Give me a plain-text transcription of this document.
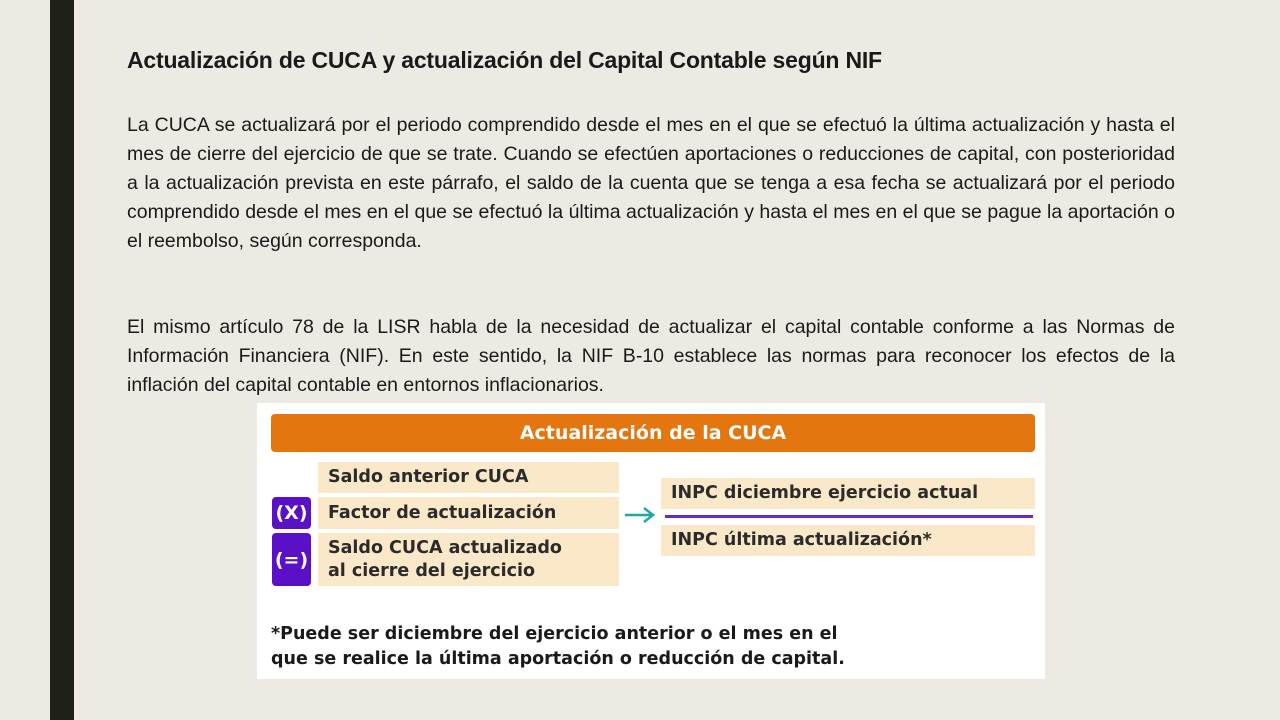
Actualización de CUCA y actualización del Capital Contable según NIF

La CUCA se actualizará por el periodo comprendido desde el mes en el que se efectuó la última actualización y hasta el mes de cierre del ejercicio de que se trate. Cuando se efectúen aportaciones o reducciones de capital, con posterioridad a la actualización prevista en este párrafo, el saldo de la cuenta que se tenga a esa fecha se actualizará por el periodo comprendido desde el mes en el que se efectuó la última actualización y hasta el mes en el que se pague la aportación o el reembolso, según corresponda.

El mismo artículo 78 de la LISR habla de la necesidad de actualizar el capital contable conforme a las Normas de Información Financiera (NIF). En este sentido, la NIF B-10 establece las normas para reconocer los efectos de la inflación del capital contable en entornos inflacionarios.

Actualización de la CUCA
Saldo anterior CUCA
(X)	Factor de actualización
(=)
Saldo CUCA actualizado
al cierre del ejercicio
INPC diciembre ejercicio actual
INPC última actualización*
*Puede ser diciembre del ejercicio anterior o el mes en el
que se realice la última aportación o reducción de capital.
